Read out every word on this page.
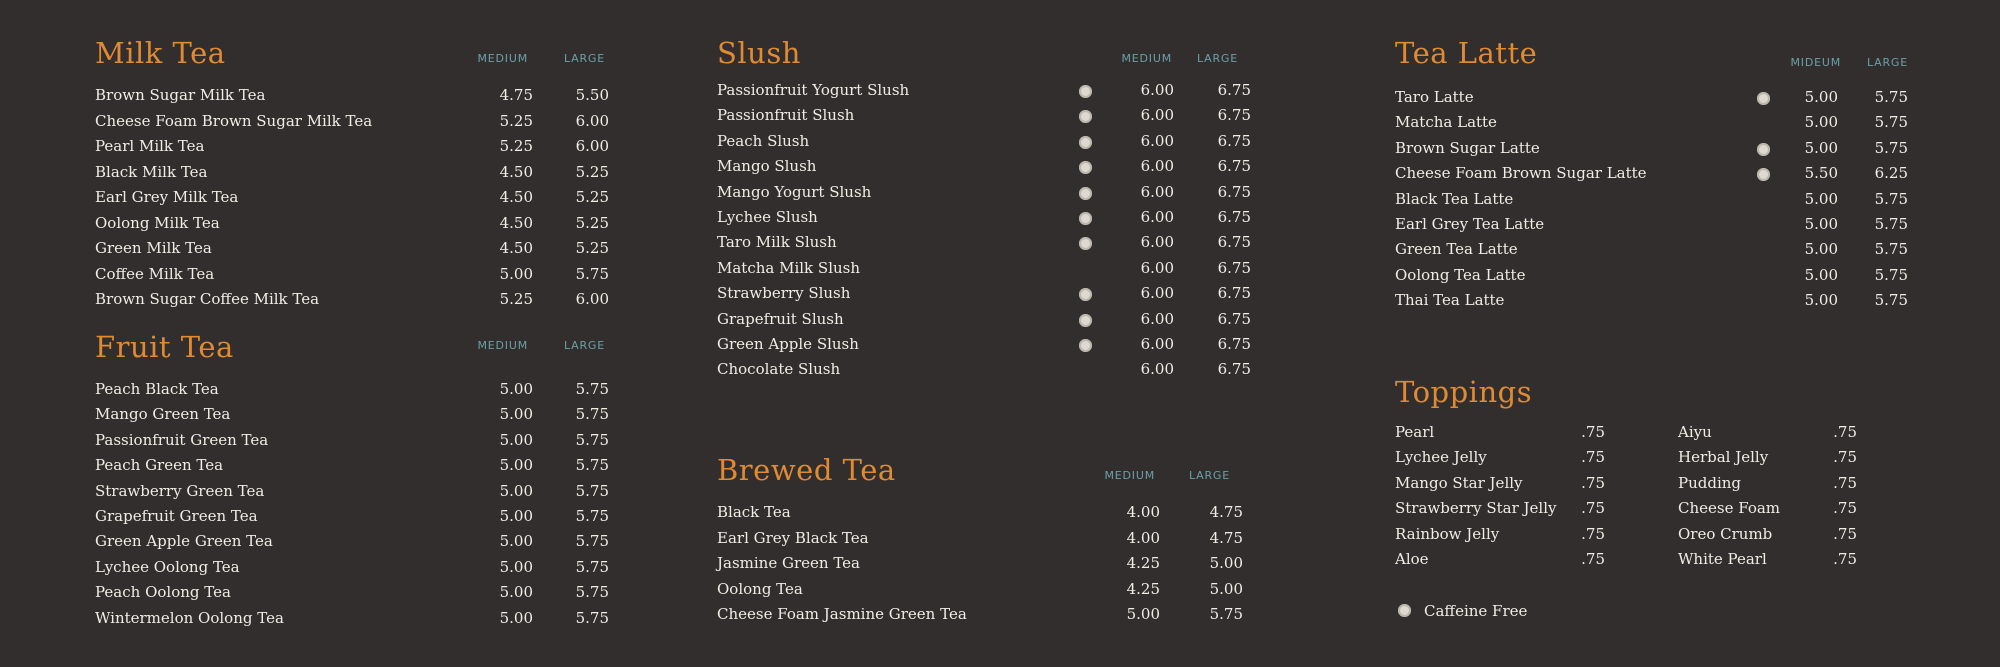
Milk Tea	MEDIUM	LARGE
Brown Sugar Milk Tea	4.75	5.50
Cheese Foam Brown Sugar Milk Tea	5.25	6.00
Pearl Milk Tea	5.25	6.00
Black Milk Tea	4.50	5.25
Earl Grey Milk Tea	4.50	5.25
Oolong Milk Tea	4.50	5.25
Green Milk Tea	4.50	5.25
Coffee Milk Tea	5.00	5.75
Brown Sugar Coffee Milk Tea	5.25	6.00
Fruit Tea	MEDIUM	LARGE
Peach Black Tea	5.00	5.75
Mango Green Tea	5.00	5.75
Passionfruit Green Tea	5.00	5.75
Peach Green Tea	5.00	5.75
Strawberry Green Tea	5.00	5.75
Grapefruit Green Tea	5.00	5.75
Green Apple Green Tea	5.00	5.75
Lychee Oolong Tea	5.00	5.75
Peach Oolong Tea	5.00	5.75
Wintermelon Oolong Tea	5.00	5.75
Slush	MEDIUM	LARGE
Passionfruit Yogurt Slush	6.00	6.75
Passionfruit Slush	6.00	6.75
Peach Slush	6.00	6.75
Mango Slush	6.00	6.75
Mango Yogurt Slush	6.00	6.75
Lychee Slush	6.00	6.75
Taro Milk Slush	6.00	6.75
Matcha Milk Slush	6.00	6.75
Strawberry Slush	6.00	6.75
Grapefruit Slush	6.00	6.75
Green Apple Slush	6.00	6.75
Chocolate Slush	6.00	6.75
Brewed Tea	MEDIUM	LARGE
Black Tea	4.00	4.75
Earl Grey Black Tea	4.00	4.75
Jasmine Green Tea	4.25	5.00
Oolong Tea	4.25	5.00
Cheese Foam Jasmine Green Tea	5.00	5.75
Tea Latte	MIDEUM	LARGE
Taro Latte	5.00	5.75
Matcha Latte	5.00	5.75
Brown Sugar Latte	5.00	5.75
Cheese Foam Brown Sugar Latte	5.50	6.25
Black Tea Latte	5.00	5.75
Earl Grey Tea Latte	5.00	5.75
Green Tea Latte	5.00	5.75
Oolong Tea Latte	5.00	5.75
Thai Tea Latte	5.00	5.75
Toppings
Pearl	.75
Lychee Jelly	.75
Mango Star Jelly	.75
Strawberry Star Jelly	.75
Rainbow Jelly	.75
Aloe	.75
Aiyu	.75
Herbal Jelly	.75
Pudding	.75
Cheese Foam	.75
Oreo Crumb	.75
White Pearl	.75
Caffeine Free
